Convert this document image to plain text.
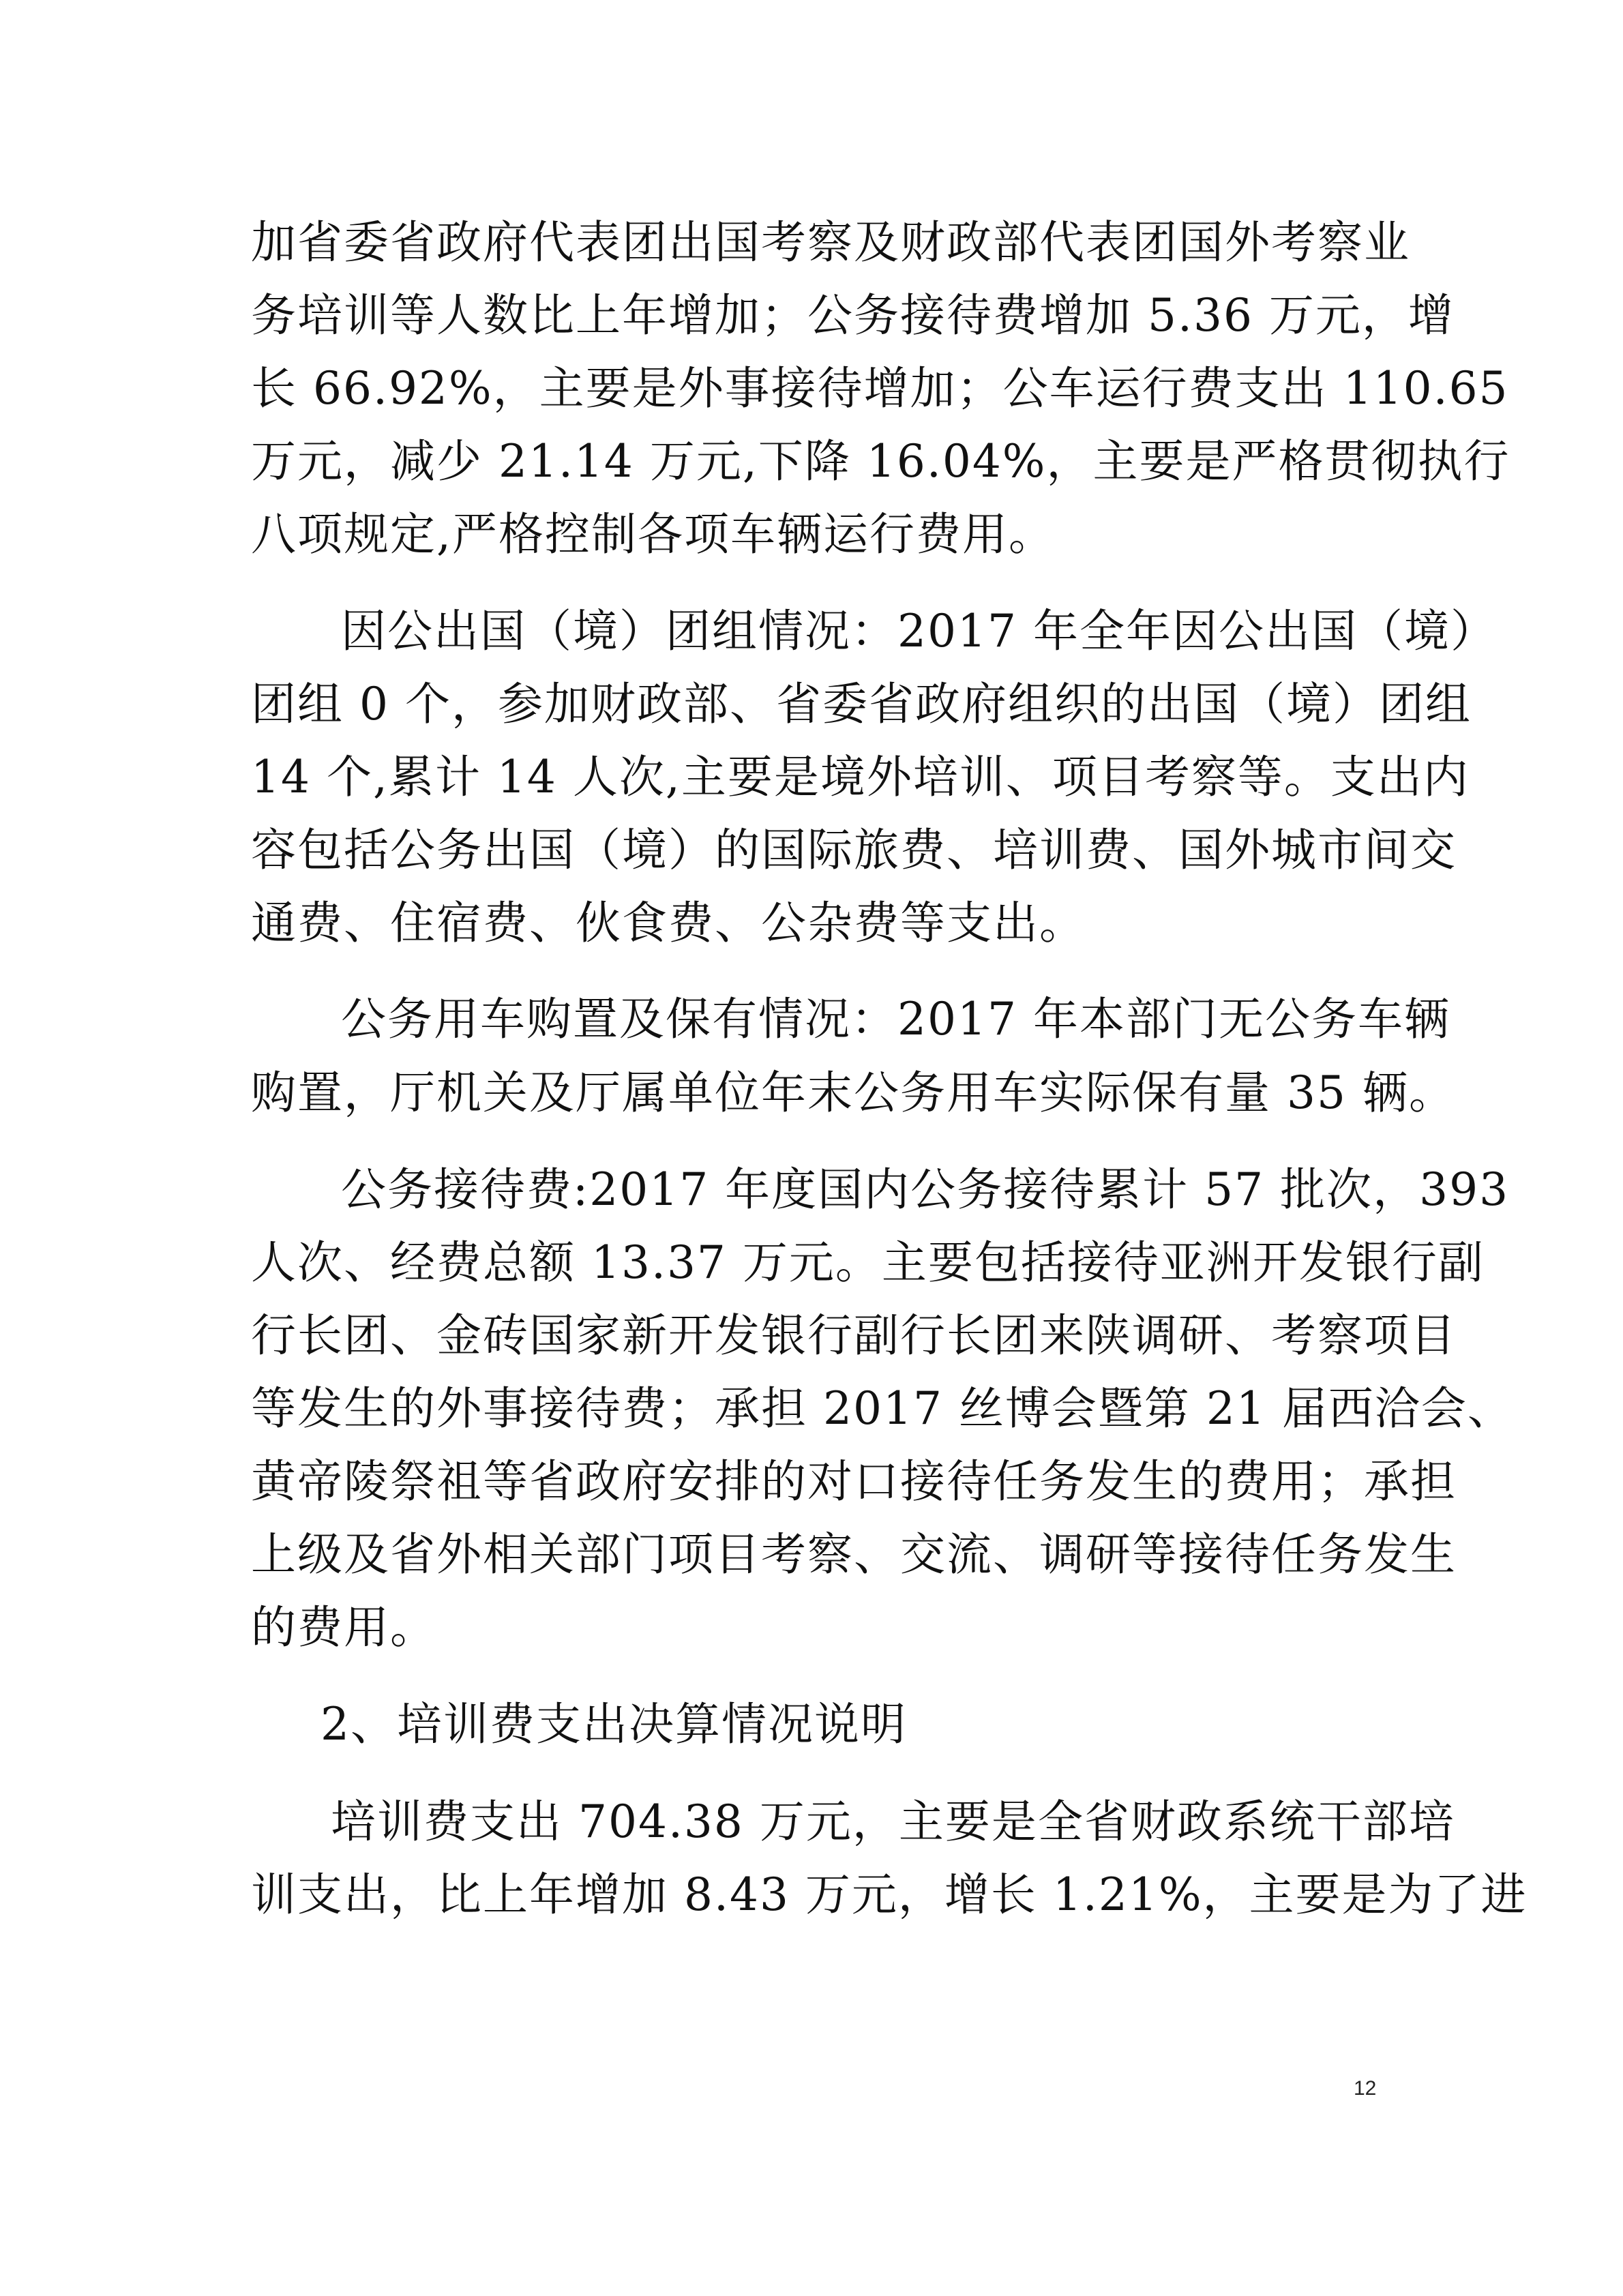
加省委省政府代表团出国考察及财政部代表团国外考察业
务培训等人数比上年增加；公务接待费增加 5.36 万元，增
长 66.92%，主要是外事接待增加；公车运行费支出 110.65
万元，减少 21.14 万元,下降 16.04%，主要是严格贯彻执行
八项规定,严格控制各项车辆运行费用。
因公出国（境）团组情况：2017 年全年因公出国（境）
团组 0 个，参加财政部、省委省政府组织的出国（境）团组
14 个,累计 14 人次,主要是境外培训、项目考察等。支出内
容包括公务出国（境）的国际旅费、培训费、国外城市间交
通费、住宿费、伙食费、公杂费等支出。
公务用车购置及保有情况：2017 年本部门无公务车辆
购置，厅机关及厅属单位年末公务用车实际保有量 35 辆。
公务接待费:2017 年度国内公务接待累计 57 批次，393
人次、经费总额 13.37 万元。主要包括接待亚洲开发银行副
行长团、金砖国家新开发银行副行长团来陕调研、考察项目
等发生的外事接待费；承担 2017 丝博会暨第 21 届西洽会、
黄帝陵祭祖等省政府安排的对口接待任务发生的费用；承担
上级及省外相关部门项目考察、交流、调研等接待任务发生
的费用。
2、培训费支出决算情况说明
培训费支出 704.38 万元，主要是全省财政系统干部培
训支出，比上年增加 8.43 万元，增长 1.21%，主要是为了进
12
